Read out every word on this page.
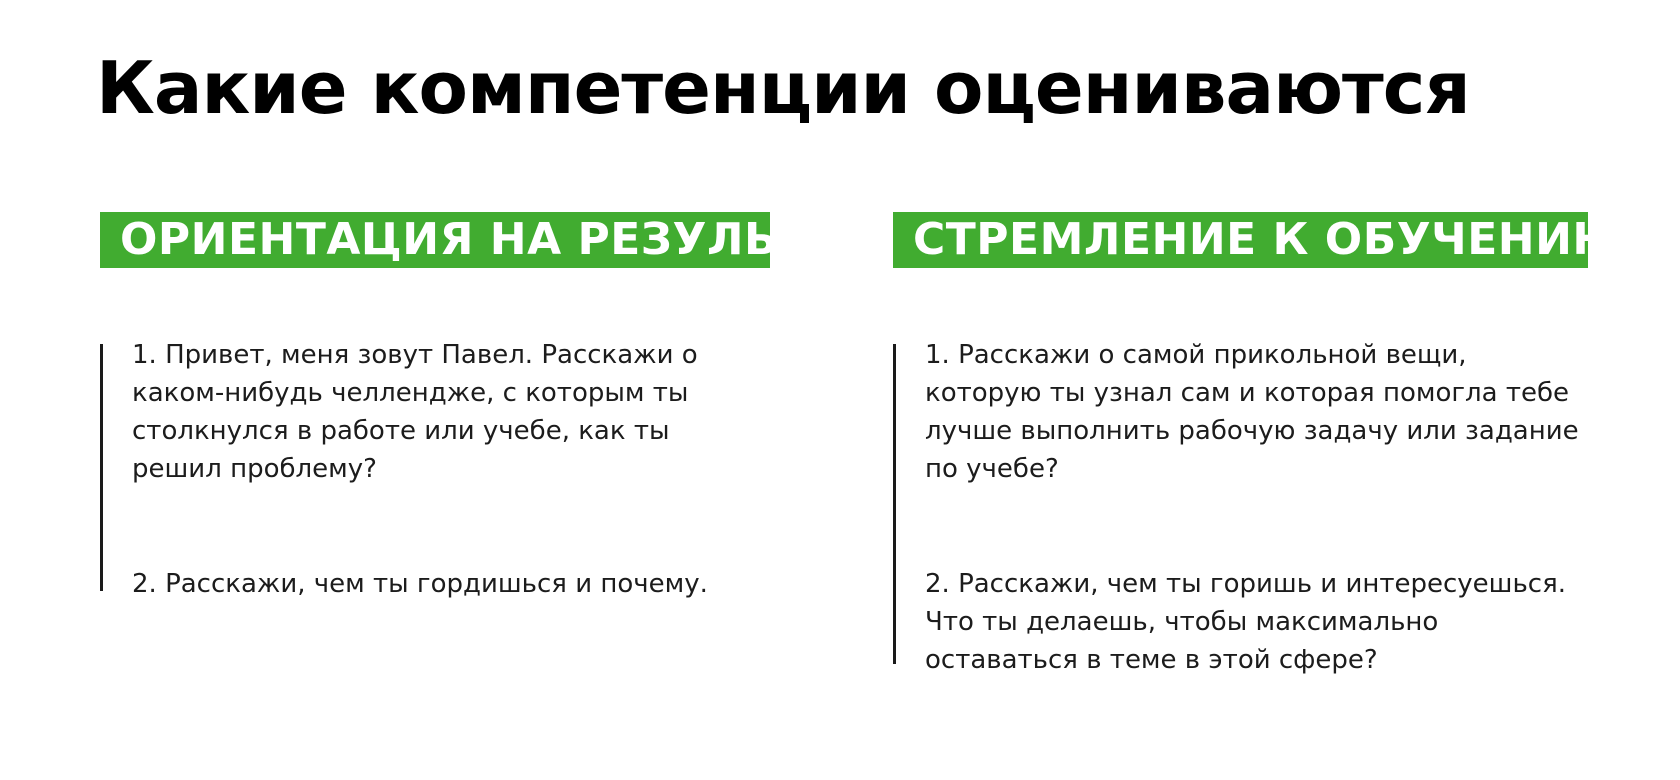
Какие компетенции оцениваются
ОРИЕНТАЦИЯ НА РЕЗУЛЬТАТ

1. Привет, меня зовут Павел. Расскажи о каком-нибудь челлендже, с которым ты столкнулся в работе или учебе, как ты решил проблему?

2. Расскажи, чем ты гордишься и почему.

СТРЕМЛЕНИЕ К ОБУЧЕНИЮ

1. Расскажи о самой прикольной вещи, которую ты узнал сам и которая помогла тебе лучше выполнить рабочую задачу или задание по учебе?

2. Расскажи, чем ты горишь и интересуешься. Что ты делаешь, чтобы максимально оставаться в теме в этой сфере?
